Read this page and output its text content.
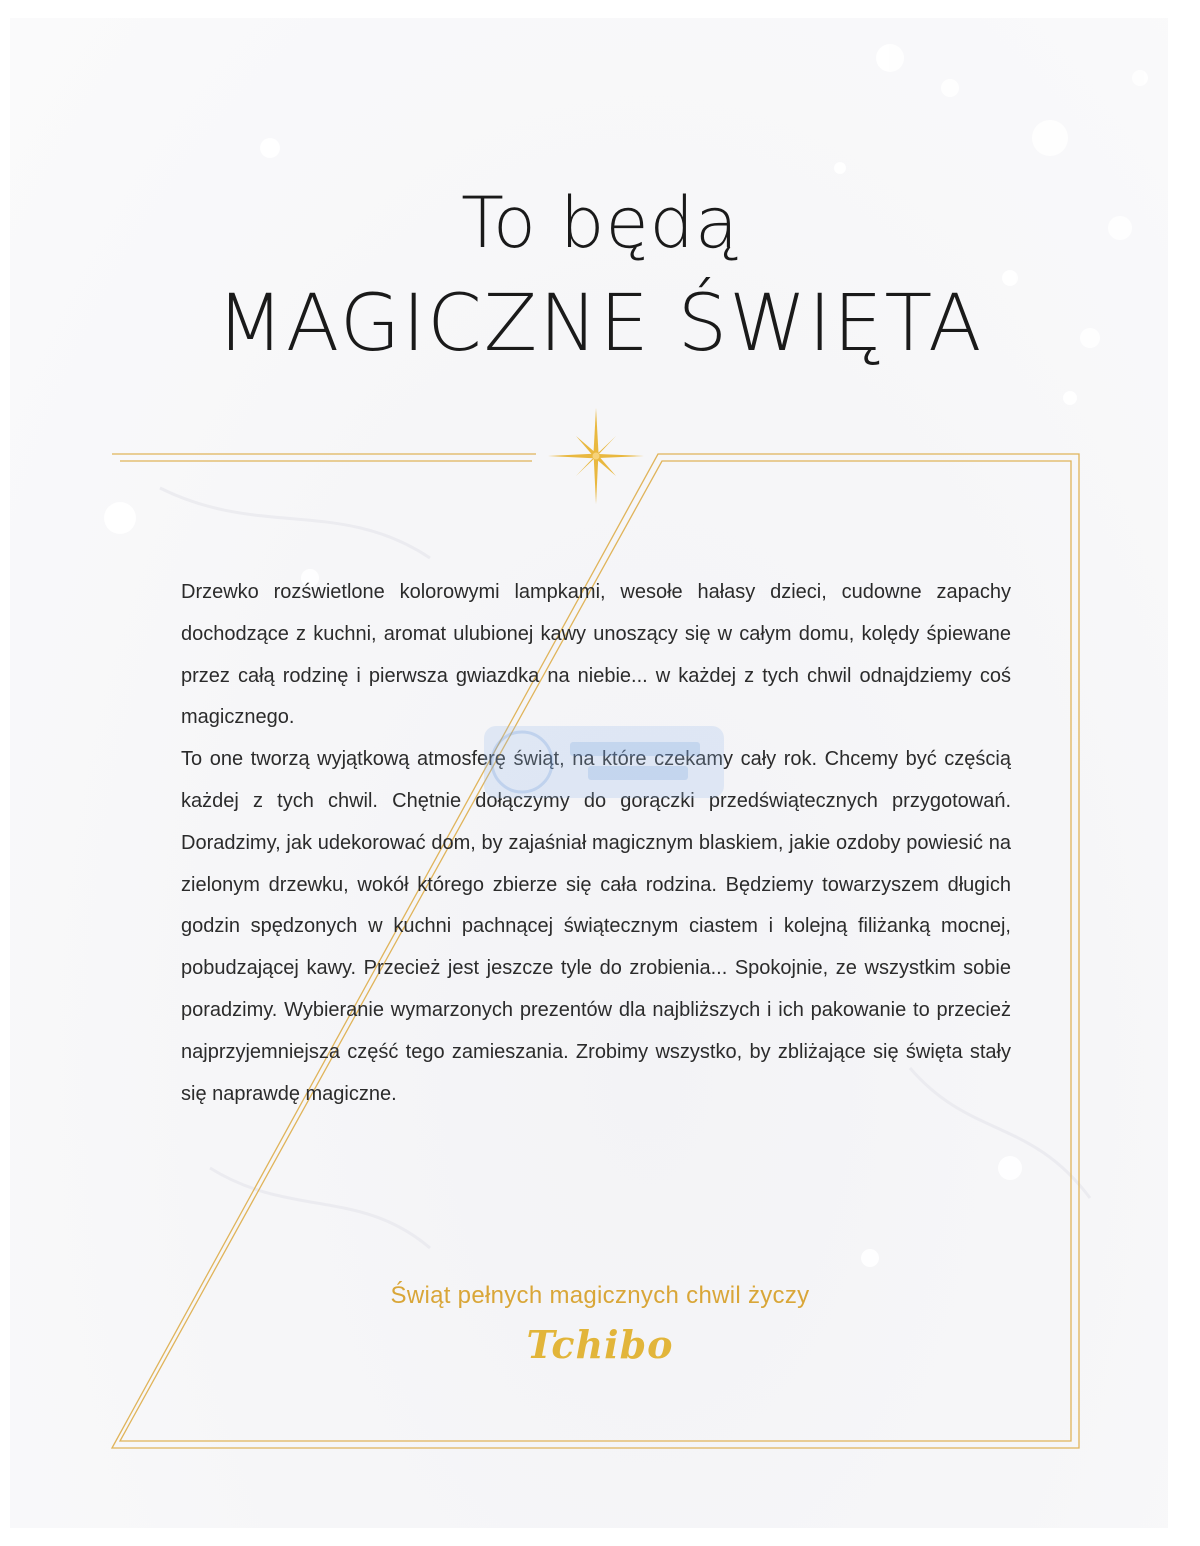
To będą
MAGICZNE ŚWIĘTA

Drzewko rozświetlone kolorowymi lampkami, wesołe hałasy dzieci, cudowne zapachy dochodzące z kuchni, aromat ulubionej kawy unoszący się w całym domu, kolędy śpiewane przez całą rodzinę i pierwsza gwiazdka na niebie... w każdej z tych chwil odnajdziemy coś magicznego.

To one tworzą wyjątkową atmosferę świąt, na które czekamy cały rok. Chcemy być częścią każdej z tych chwil. Chętnie dołączymy do gorączki przedświątecznych przygotowań. Doradzimy, jak udekorować dom, by zajaśniał magicznym blaskiem, jakie ozdoby powiesić na zielonym drzewku, wokół którego zbierze się cała rodzina. Będziemy towarzyszem długich godzin spędzonych w kuchni pachnącej świątecznym ciastem i kolejną filiżanką mocnej, pobudzającej kawy. Przecież jest jeszcze tyle do zrobienia... Spokojnie, ze wszystkim sobie poradzimy. Wybieranie wymarzonych prezentów dla najbliższych i ich pakowanie to przecież najprzyjemniejsza część tego zamieszania. Zrobimy wszystko, by zbliżające się święta stały się naprawdę magiczne.

Świąt pełnych magicznych chwil życzy
Tchibo
